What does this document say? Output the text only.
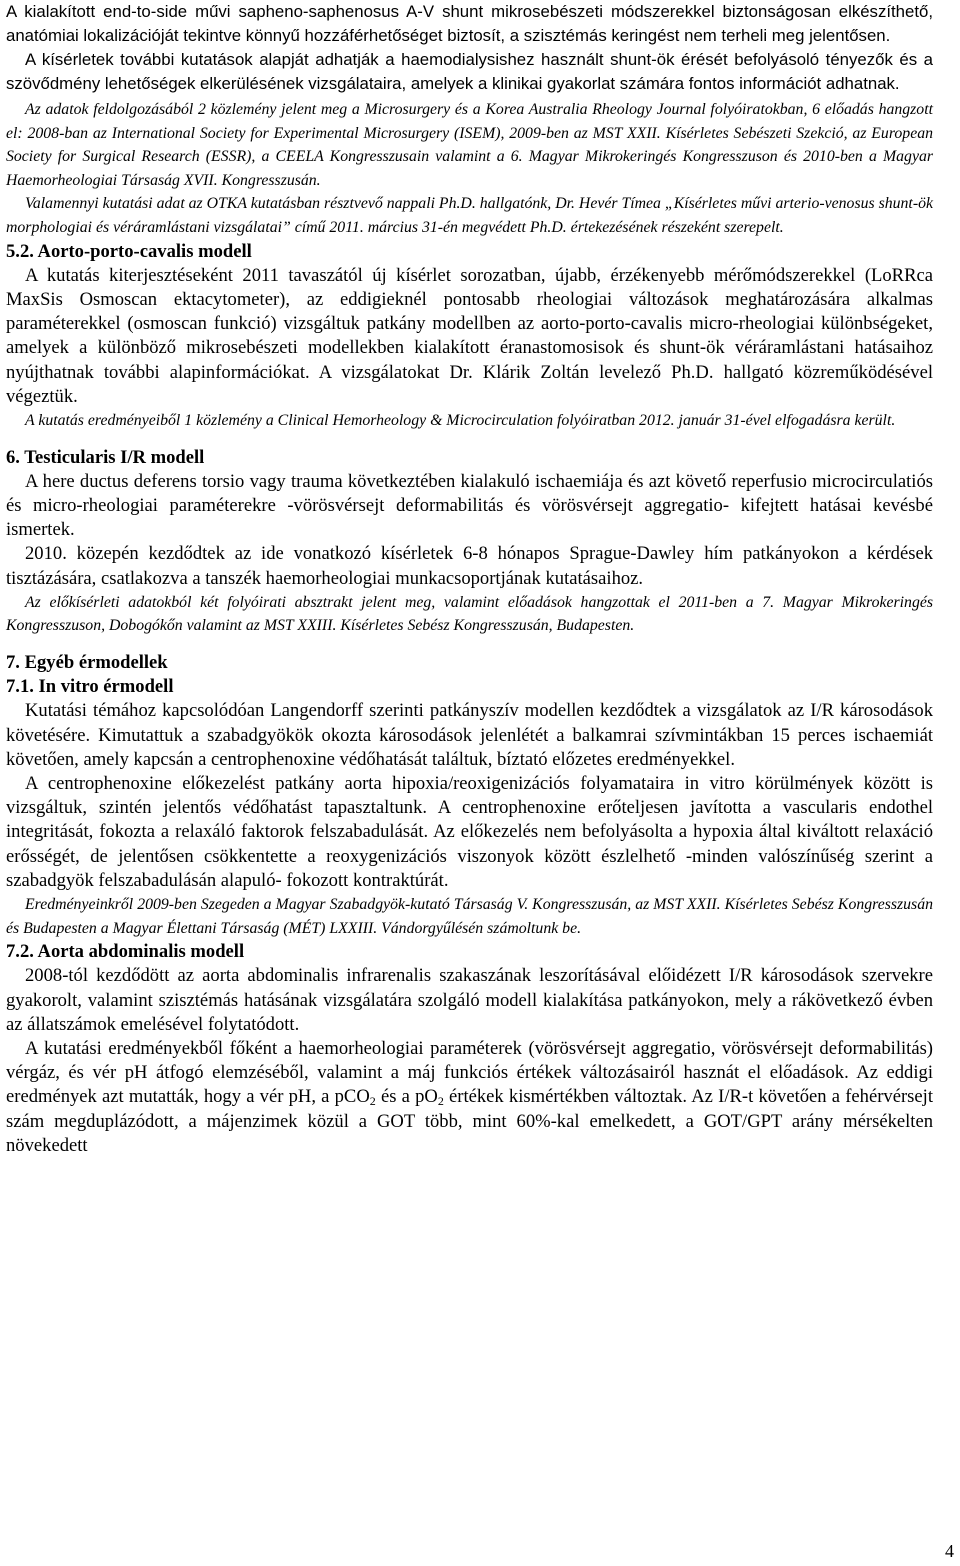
A kialakított end-to-side művi sapheno-saphenosus A-V shunt mikrosebészeti módszerekkel biztonságosan elkészíthető, anatómiai lokalizációját tekintve könnyű hozzáférhetőséget biztosít, a szisztémás keringést nem terheli meg jelentősen.

A kísérletek további kutatások alapját adhatják a haemodialysishez használt shunt-ök érését befolyásoló tényezők és a szövődmény lehetőségek elkerülésének vizsgálataira, amelyek a klinikai gyakorlat számára fontos információt adhatnak.

Az adatok feldolgozásából 2 közlemény jelent meg a Microsurgery és a Korea Australia Rheology Journal folyóiratokban, 6 előadás hangzott el: 2008-ban az International Society for Experimental Microsurgery (ISEM), 2009-ben az MST XXII. Kísérletes Sebészeti Szekció, az European Society for Surgical Research (ESSR), a CEELA Kongresszusain valamint a 6. Magyar Mikrokeringés Kongresszuson és 2010-ben a Magyar Haemorheologiai Társaság XVII. Kongresszusán.

Valamennyi kutatási adat az OTKA kutatásban résztvevő nappali Ph.D. hallgatónk, Dr. Hevér Tímea „Kísérletes művi arterio-venosus shunt-ök morphologiai és véráramlástani vizsgálatai” című 2011. március 31-én megvédett Ph.D. értekezésének részeként szerepelt.

5.2. Aorto-porto-cavalis modell

A kutatás kiterjesztéseként 2011 tavaszától új kísérlet sorozatban, újabb, érzékenyebb mérőmódszerekkel (LoRRca MaxSis Osmoscan ektacytometer), az eddigieknél pontosabb rheologiai változások meghatározására alkalmas paraméterekkel (osmoscan funkció) vizsgáltuk patkány modellben az aorto-porto-cavalis micro-rheologiai különbségeket, amelyek a különböző mikrosebészeti modellekben kialakított éranastomosisok és shunt-ök véráramlástani hatásaihoz nyújthatnak további alapinformációkat. A vizsgálatokat Dr. Klárik Zoltán levelező Ph.D. hallgató közreműködésével végeztük.

A kutatás eredményeiből 1 közlemény a Clinical Hemorheology & Microcirculation folyóiratban 2012. január 31-ével elfogadásra került.

6. Testicularis I/R modell

A here ductus deferens torsio vagy trauma következtében kialakuló ischaemiája és azt követő reperfusio microcirculatiós és micro-rheologiai paraméterekre -vörösvérsejt deformabilitás és vörösvérsejt aggregatio- kifejtett hatásai kevésbé ismertek.

2010. közepén kezdődtek az ide vonatkozó kísérletek 6-8 hónapos Sprague-Dawley hím patkányokon a kérdések tisztázására, csatlakozva a tanszék haemorheologiai munkacsoportjának kutatásaihoz.

Az előkísérleti adatokból két folyóirati absztrakt jelent meg, valamint előadások hangzottak el 2011-ben a 7. Magyar Mikrokeringés Kongresszuson, Dobogókőn valamint az MST XXIII. Kísérletes Sebész Kongresszusán, Budapesten.

7. Egyéb érmodellek
7.1. In vitro érmodell

Kutatási témához kapcsolódóan Langendorff szerinti patkányszív modellen kezdődtek a vizsgálatok az I/R károsodások követésére. Kimutattuk a szabadgyökök okozta károsodások jelenlétét a balkamrai szívmintákban 15 perces ischaemiát követően, amely kapcsán a centrophenoxine védőhatását találtuk, bíztató előzetes eredményekkel.

A centrophenoxine előkezelést patkány aorta hipoxia/reoxigenizációs folyamataira in vitro körülmények között is vizsgáltuk, szintén jelentős védőhatást tapasztaltunk. A centrophenoxine erőteljesen javította a vascularis endothel integritását, fokozta a relaxáló faktorok felszabadulását. Az előkezelés nem befolyásolta a hypoxia által kiváltott relaxáció erősségét, de jelentősen csökkentette a reoxygenizációs viszonyok között észlelhető -minden valószínűség szerint a szabadgyök felszabadulásán alapuló- fokozott kontraktúrát.

Eredményeinkről 2009-ben Szegeden a Magyar Szabadgyök-kutató Társaság V. Kongresszusán, az MST XXII. Kísérletes Sebész Kongresszusán és Budapesten a Magyar Élettani Társaság (MÉT) LXXIII. Vándorgyűlésén számoltunk be.

7.2. Aorta abdominalis modell

2008-tól kezdődött az aorta abdominalis infrarenalis szakaszának leszorításával előidézett I/R károsodások szervekre gyakorolt, valamint szisztémás hatásának vizsgálatára szolgáló modell kialakítása patkányokon, mely a rákövetkező évben az állatszámok emelésével folytatódott.

A kutatási eredményekből főként a haemorheologiai paraméterek (vörösvérsejt aggregatio, vörösvérsejt deformabilitás) vérgáz, és vér pH átfogó elemzéséből, valamint a máj funkciós értékek változásairól hasznát el előadások. Az eddigi eredmények azt mutatták, hogy a vér pH, a pCO$_2$ és a $pO_2$ értékek kismértékben változtak. Az I/R-t követően a fehérvérsejt szám megduplázódott, a májenzimek közül a GOT több, mint 60%-kal emelkedett, a GOT/GPT arány mérsékelten növekedett

4
